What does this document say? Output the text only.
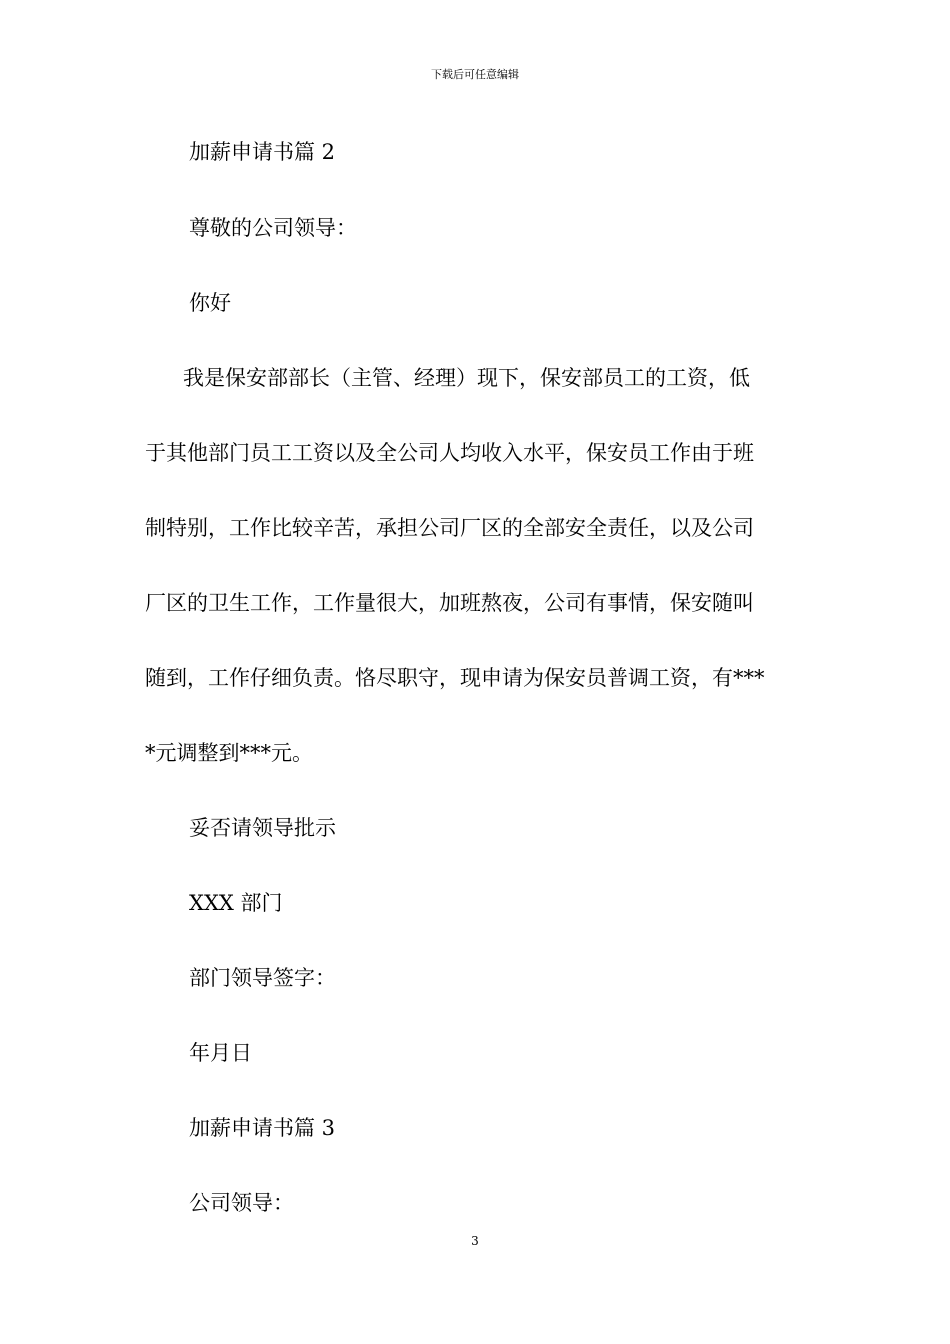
下载后可任意编辑
加薪申请书篇 2
尊敬的公司领导：
你好
我是保安部部长（主管、经理）现下，保安部员工的工资，低
于其他部门员工工资以及全公司人均收入水平，保安员工作由于班
制特别，工作比较辛苦，承担公司厂区的全部安全责任，以及公司
厂区的卫生工作，工作量很大，加班熬夜，公司有事情，保安随叫
随到，工作仔细负责。恪尽职守，现申请为保安员普调工资，有***
*元调整到***元。
妥否请领导批示
XXX 部门
部门领导签字：
年月日
加薪申请书篇 3
公司领导：
3
